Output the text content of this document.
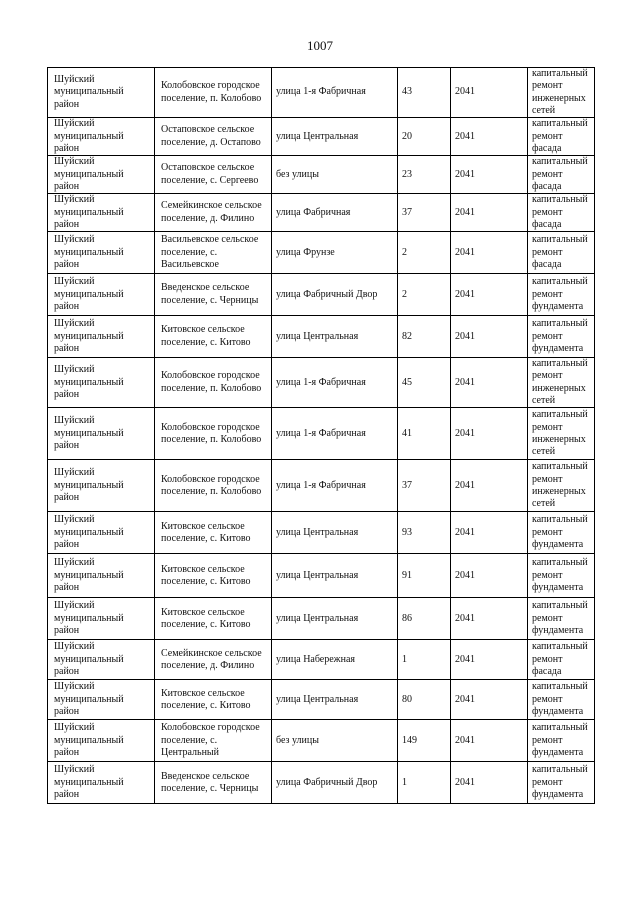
1007
Шуйский муниципальный район	Колобовское городское поселение, п. Колобово	улица 1-я Фабричная	43	2041	капитальный ремонт инженерных сетей
Шуйский муниципальный район	Остаповское сельское поселение, д. Остапово	улица Центральная	20	2041	капитальный ремонт фасада
Шуйский муниципальный район	Остаповское сельское поселение, с. Сергеево	без улицы	23	2041	капитальный ремонт фасада
Шуйский муниципальный район	Семейкинское сельское поселение, д. Филино	улица Фабричная	37	2041	капитальный ремонт фасада
Шуйский муниципальный район	Васильевское сельское поселение, с. Васильевское	улица Фрунзе	2	2041	капитальный ремонт фасада
Шуйский муниципальный район	Введенское сельское поселение, с. Черницы	улица Фабричный Двор	2	2041	капитальный ремонт фундамента
Шуйский муниципальный район	Китовское сельское поселение, с. Китово	улица Центральная	82	2041	капитальный ремонт фундамента
Шуйский муниципальный район	Колобовское городское поселение, п. Колобово	улица 1-я Фабричная	45	2041	капитальный ремонт инженерных сетей
Шуйский муниципальный район	Колобовское городское поселение, п. Колобово	улица 1-я Фабричная	41	2041	капитальный ремонт инженерных сетей
Шуйский муниципальный район	Колобовское городское поселение, п. Колобово	улица 1-я Фабричная	37	2041	капитальный ремонт инженерных сетей
Шуйский муниципальный район	Китовское сельское поселение, с. Китово	улица Центральная	93	2041	капитальный ремонт фундамента
Шуйский муниципальный район	Китовское сельское поселение, с. Китово	улица Центральная	91	2041	капитальный ремонт фундамента
Шуйский муниципальный район	Китовское сельское поселение, с. Китово	улица Центральная	86	2041	капитальный ремонт фундамента
Шуйский муниципальный район	Семейкинское сельское поселение, д. Филино	улица Набережная	1	2041	капитальный ремонт фасада
Шуйский муниципальный район	Китовское сельское поселение, с. Китово	улица Центральная	80	2041	капитальный ремонт фундамента
Шуйский муниципальный район	Колобовское городское поселение, с. Центральный	без улицы	149	2041	капитальный ремонт фундамента
Шуйский муниципальный район	Введенское сельское поселение, с. Черницы	улица Фабричный Двор	1	2041	капитальный ремонт фундамента
